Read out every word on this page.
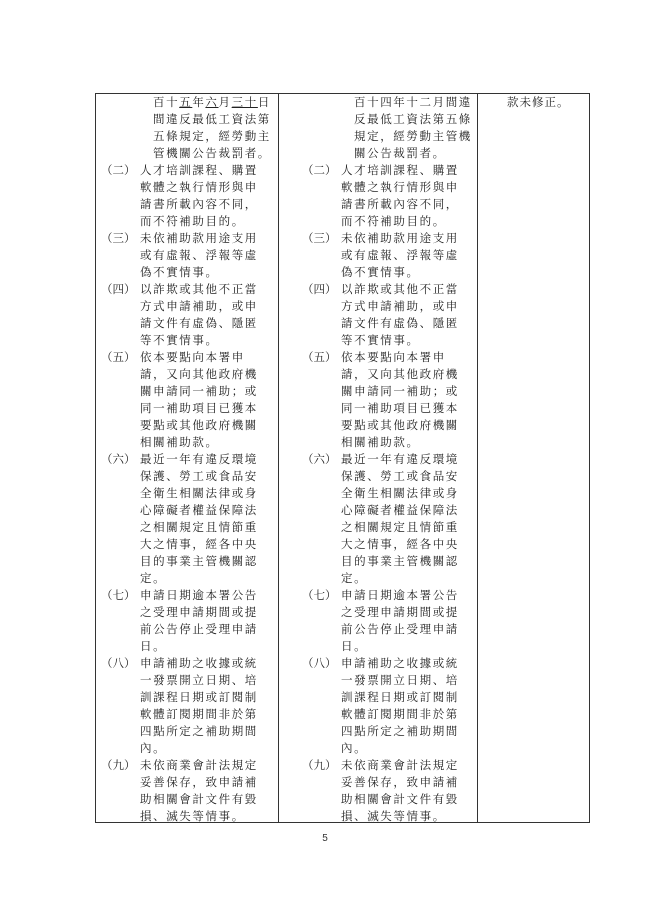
百十五年六月三十日
間違反最低工資法第
五條規定，經勞動主
管機關公告裁罰者。
（二） 人才培訓課程、購置
軟體之執行情形與申
請書所載內容不同，
而不符補助目的。
（三） 未依補助款用途支用
或有虛報、浮報等虛
偽不實情事。
（四） 以詐欺或其他不正當
方式申請補助，或申
請文件有虛偽、隱匿
等不實情事。
（五） 依本要點向本署申
請，又向其他政府機
關申請同一補助；或
同一補助項目已獲本
要點或其他政府機關
相關補助款。
（六） 最近一年有違反環境
保護、勞工或食品安
全衛生相關法律或身
心障礙者權益保障法
之相關規定且情節重
大之情事，經各中央
目的事業主管機關認
定。
（七） 申請日期逾本署公告
之受理申請期間或提
前公告停止受理申請
日。
（八） 申請補助之收據或統
一發票開立日期、培
訓課程日期或訂閱制
軟體訂閱期間非於第
四點所定之補助期間
內。
（九） 未依商業會計法規定
妥善保存，致申請補
助相關會計文件有毀
損、滅失等情事。
百十四年十二月間違
反最低工資法第五條
規定，經勞動主管機
關公告裁罰者。
（二） 人才培訓課程、購置
軟體之執行情形與申
請書所載內容不同，
而不符補助目的。
（三） 未依補助款用途支用
或有虛報、浮報等虛
偽不實情事。
（四） 以詐欺或其他不正當
方式申請補助，或申
請文件有虛偽、隱匿
等不實情事。
（五） 依本要點向本署申
請，又向其他政府機
關申請同一補助；或
同一補助項目已獲本
要點或其他政府機關
相關補助款。
（六） 最近一年有違反環境
保護、勞工或食品安
全衛生相關法律或身
心障礙者權益保障法
之相關規定且情節重
大之情事，經各中央
目的事業主管機關認
定。
（七） 申請日期逾本署公告
之受理申請期間或提
前公告停止受理申請
日。
（八） 申請補助之收據或統
一發票開立日期、培
訓課程日期或訂閱制
軟體訂閱期間非於第
四點所定之補助期間
內。
（九） 未依商業會計法規定
妥善保存，致申請補
助相關會計文件有毀
損、滅失等情事。
款未修正。
5
